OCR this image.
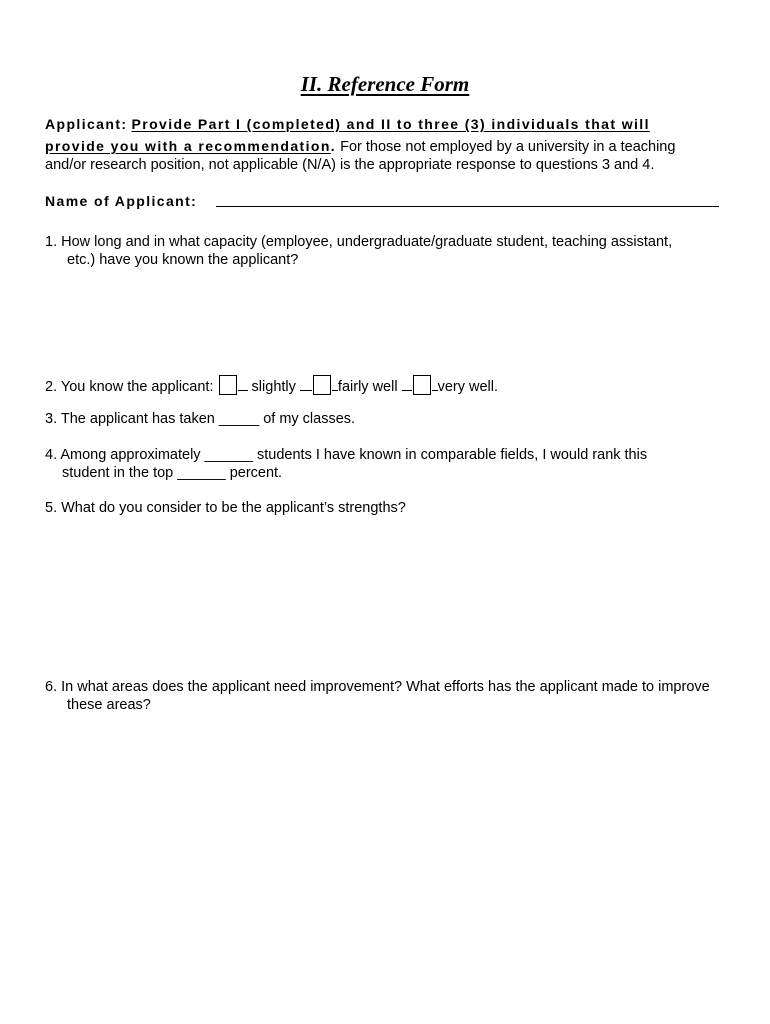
II. Reference Form
Applicant: Provide Part I (completed) and II to three (3) individuals that will
provide you with a recommendation. For those not employed by a university in a teaching
and/or research position, not applicable (N/A) is the appropriate response to questions 3 and 4.
Name of Applicant:
1. How long and in what capacity (employee, undergraduate/graduate student, teaching assistant,
etc.) have you known the applicant?
2. You know the applicant:  slightly	fairly well very well.
3. The applicant has taken _____ of my classes.
4. Among approximately ______ students I have known in comparable fields, I would rank this
student in the top ______ percent.
5. What do you consider to be the applicant’s strengths?
6. In what areas does the applicant need improvement? What efforts has the applicant made to improve
these areas?
